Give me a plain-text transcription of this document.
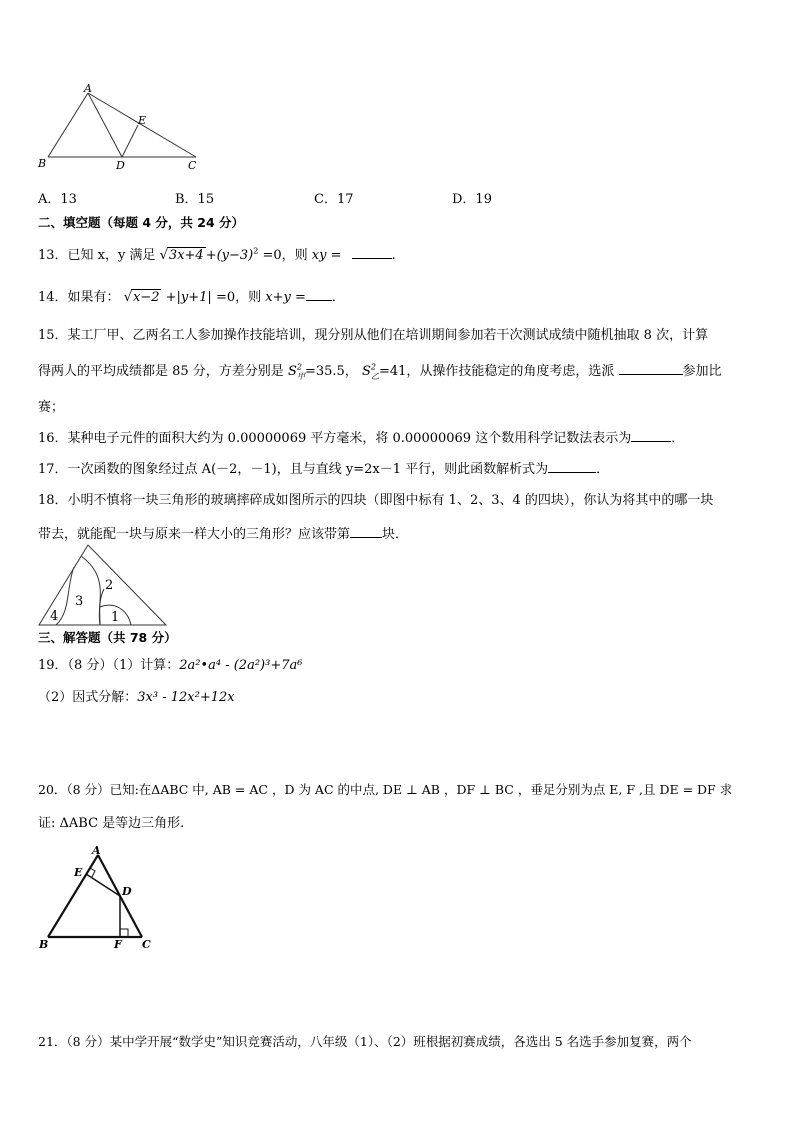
A
E
B	D	C
A．13	B．15	C．17	D．19
二、填空题（每题 4 分，共 24 分）
13．已知 x，y 满足 $√3x+4 +(y-3)^2 =0$，则 xy =	.
14．如果有： √x−2 +|y+1| =0，则 x+y = ．
15．某工厂甲、乙两名工人参加操作技能培训，现分别从他们在培训期间参加若干次测试成绩中随机抽取 8 次，计算
得两人的平均成绩都是 85 分，方差分别是 $S^2_甲=35.5$， $S^2_乙=41$，从操作技能稳定的角度考虑，选派	参加比
赛；
16．某种电子元件的面积大约为 0.00000069 平方毫米，将 0.00000069 这个数用科学记数法表示为	．
17．一次函数的图象经过点 A(－2，－1)，且与直线 y=2x－1 平行，则此函数解析式为	．
18．小明不慎将一块三角形的玻璃摔碎成如图所示的四块（即图中标有 1、2、3、4 的四块），你认为将其中的哪一块
带去，就能配一块与原来一样大小的三角形？应该带第 块．
2
3
1
4
三、解答题（共 78 分）
19．（8 分）（1）计算：2a²•a⁴ - (2a²)³+7a⁶
（2）因式分解：3x³ - 12x²+12x
20．（8 分）已知:在ΔABC 中, AB = AC ，D 为 AC 的中点, DE ⊥ AB ，DF ⊥ BC ，垂足分别为点 E, F ,且 DE = DF 求
证: ΔABC 是等边三角形.
A
E
D
B	F C
21．（8 分）某中学开展“数学史”知识竞赛活动，八年级（1）、（2）班根据初赛成绩，各选出 5 名选手参加复赛，两个
